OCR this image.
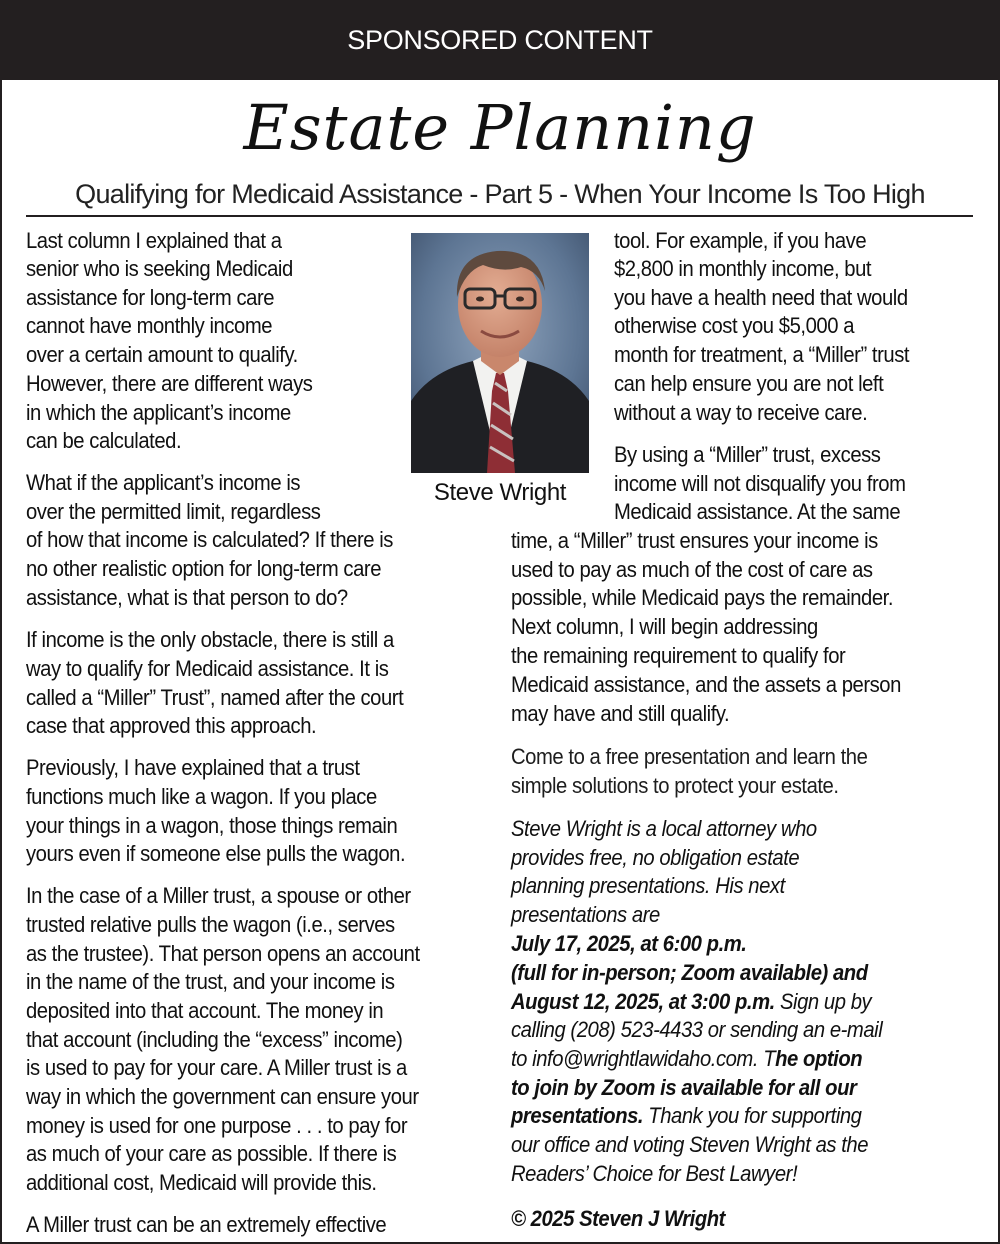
SPONSORED CONTENT
Estate Planning
Qualifying for Medicaid Assistance - Part 5 - When Your Income Is Too High
Steve Wright
Last column I explained that a
senior who is seeking Medicaid
assistance for long-term care
cannot have monthly income
over a certain amount to qualify.
However, there are different ways
in which the applicant’s income
can be calculated.
What if the applicant’s income is
over the permitted limit, regardless
of how that income is calculated? If there is
no other realistic option for long-term care
assistance, what is that person to do?
If income is the only obstacle, there is still a
way to qualify for Medicaid assistance. It is
called a “Miller” Trust”, named after the court
case that approved this approach.
Previously, I have explained that a trust
functions much like a wagon. If you place
your things in a wagon, those things remain
yours even if someone else pulls the wagon.
In the case of a Miller trust, a spouse or other
trusted relative pulls the wagon (i.e., serves
as the trustee). That person opens an account
in the name of the trust, and your income is
deposited into that account. The money in
that account (including the “excess” income)
is used to pay for your care. A Miller trust is a
way in which the government can ensure your
money is used for one purpose . . . to pay for
as much of your care as possible. If there is
additional cost, Medicaid will provide this.
A Miller trust can be an extremely effective
tool. For example, if you have
$2,800 in monthly income, but
you have a health need that would
otherwise cost you $5,000 a
month for treatment, a “Miller” trust
can help ensure you are not left
without a way to receive care.
By using a “Miller” trust, excess
income will not disqualify you from
Medicaid assistance. At the same
time, a “Miller” trust ensures your income is
used to pay as much of the cost of care as
possible, while Medicaid pays the remainder.
Next column, I will begin addressing
the remaining requirement to qualify for
Medicaid assistance, and the assets a person
may have and still qualify.
Come to a free presentation and learn the
simple solutions to protect your estate.
Steve Wright is a local attorney who
provides free, no obligation estate
planning presentations. His next
presentations are
July 17, 2025, at 6:00 p.m.
(full for in-person; Zoom available) and
August 12, 2025, at 3:00 p.m. Sign up by
calling (208) 523-4433 or sending an e-mail
to info@wrightlawidaho.com. The option
to join by Zoom is available for all our
presentations. Thank you for supporting
our office and voting Steven Wright as the
Readers’ Choice for Best Lawyer!
© 2025 Steven J Wright
